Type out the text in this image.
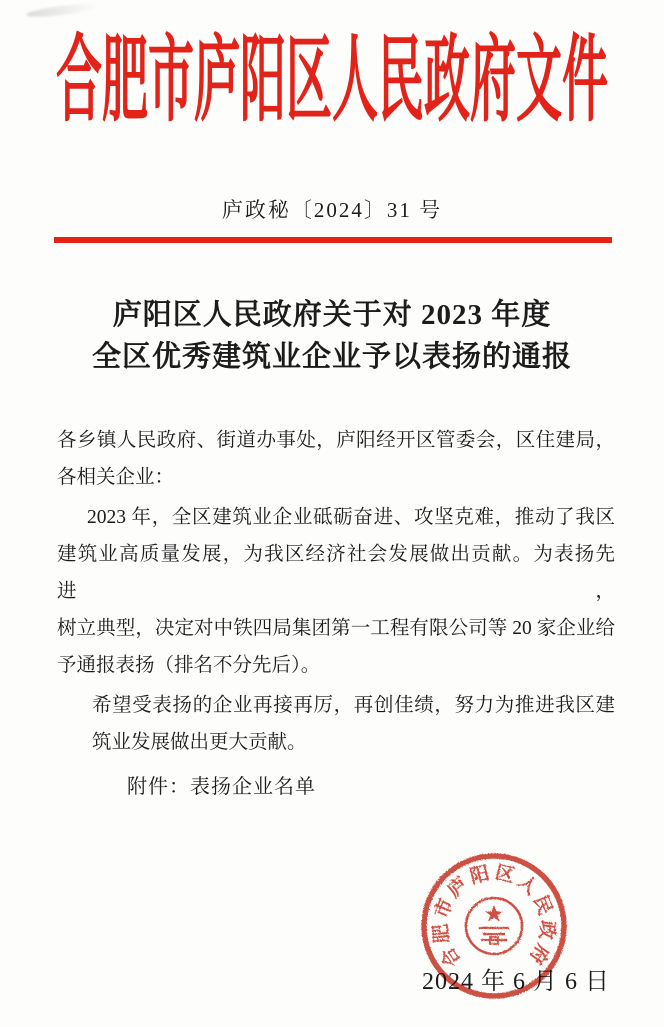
合肥市庐阳区人民政府文件
庐政秘〔2024〕31 号
庐阳区人民政府关于对 2023 年度
全区优秀建筑业企业予以表扬的通报
各乡镇人民政府、街道办事处，庐阳经开区管委会，区住建局，
各相关企业：
2023 年，全区建筑业企业砥砺奋进、攻坚克难，推动了我区
建筑业高质量发展，为我区经济社会发展做出贡献。为表扬先进，
树立典型，决定对中铁四局集团第一工程有限公司等 20 家企业给
予通报表扬（排名不分先后）。
希望受表扬的企业再接再厉，再创佳绩，努力为推进我区建
筑业发展做出更大贡献。
附件：表扬企业名单
2024 年 6 月 6 日
合肥市庐阳区人民政府
